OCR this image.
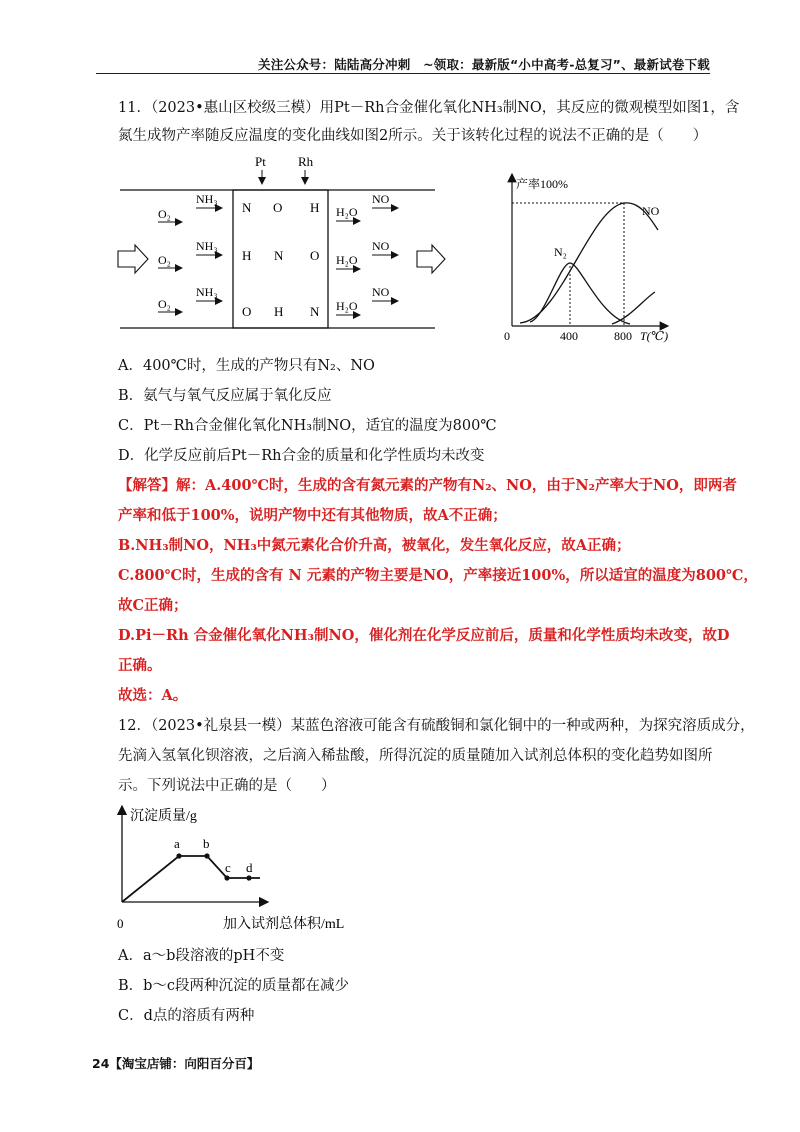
关注公众号：陆陆高分冲刺　~领取：最新版“小中高考-总复习”、最新试卷下载
11．（2023•惠山区校级三模）用Pt－Rh合金催化氧化NH₃制NO，其反应的微观模型如图1，含
氮生成物产率随反应温度的变化曲线如图2所示。关于该转化过程的说法不正确的是（　　）
Pt Rh
O₂
NH₃
N O H H₂O
NO
O₂
NH₃
H N O H₂O
NO
O₂
NH₃
O H N H₂O
NO
产率100%
N₂
NO
0	400	800 T(℃)
A．400℃时，生成的产物只有N₂、NO
B．氨气与氧气反应属于氧化反应
C．Pt－Rh合金催化氧化NH₃制NO，适宜的温度为800℃
D．化学反应前后Pt－Rh合金的质量和化学性质均未改变
【解答】解：A.400℃时，生成的含有氮元素的产物有N₂、NO，由于N₂产率大于NO，即两者
产率和低于100%，说明产物中还有其他物质，故A不正确；
B.NH₃制NO，NH₃中氮元素化合价升高，被氧化，发生氧化反应，故A正确；
C.800℃时，生成的含有 N 元素的产物主要是NO，产率接近100%，所以适宜的温度为800℃，
故C正确；
D.Pi－Rh 合金催化氧化NH₃制NO，催化剂在化学反应前后，质量和化学性质均未改变，故D
正确。
故选：A。
12．（2023•礼泉县一模）某蓝色溶液可能含有硫酸铜和氯化铜中的一种或两种，为探究溶质成分，
先滴入氢氧化钡溶液，之后滴入稀盐酸，所得沉淀的质量随加入试剂总体积的变化趋势如图所
示。下列说法中正确的是（　　）
沉淀质量/g
a b
c d
0	加入试剂总体积/mL
A．a～b段溶液的pH不变
B．b～c段两种沉淀的质量都在减少
C．d点的溶质有两种
24【淘宝店铺：向阳百分百】
